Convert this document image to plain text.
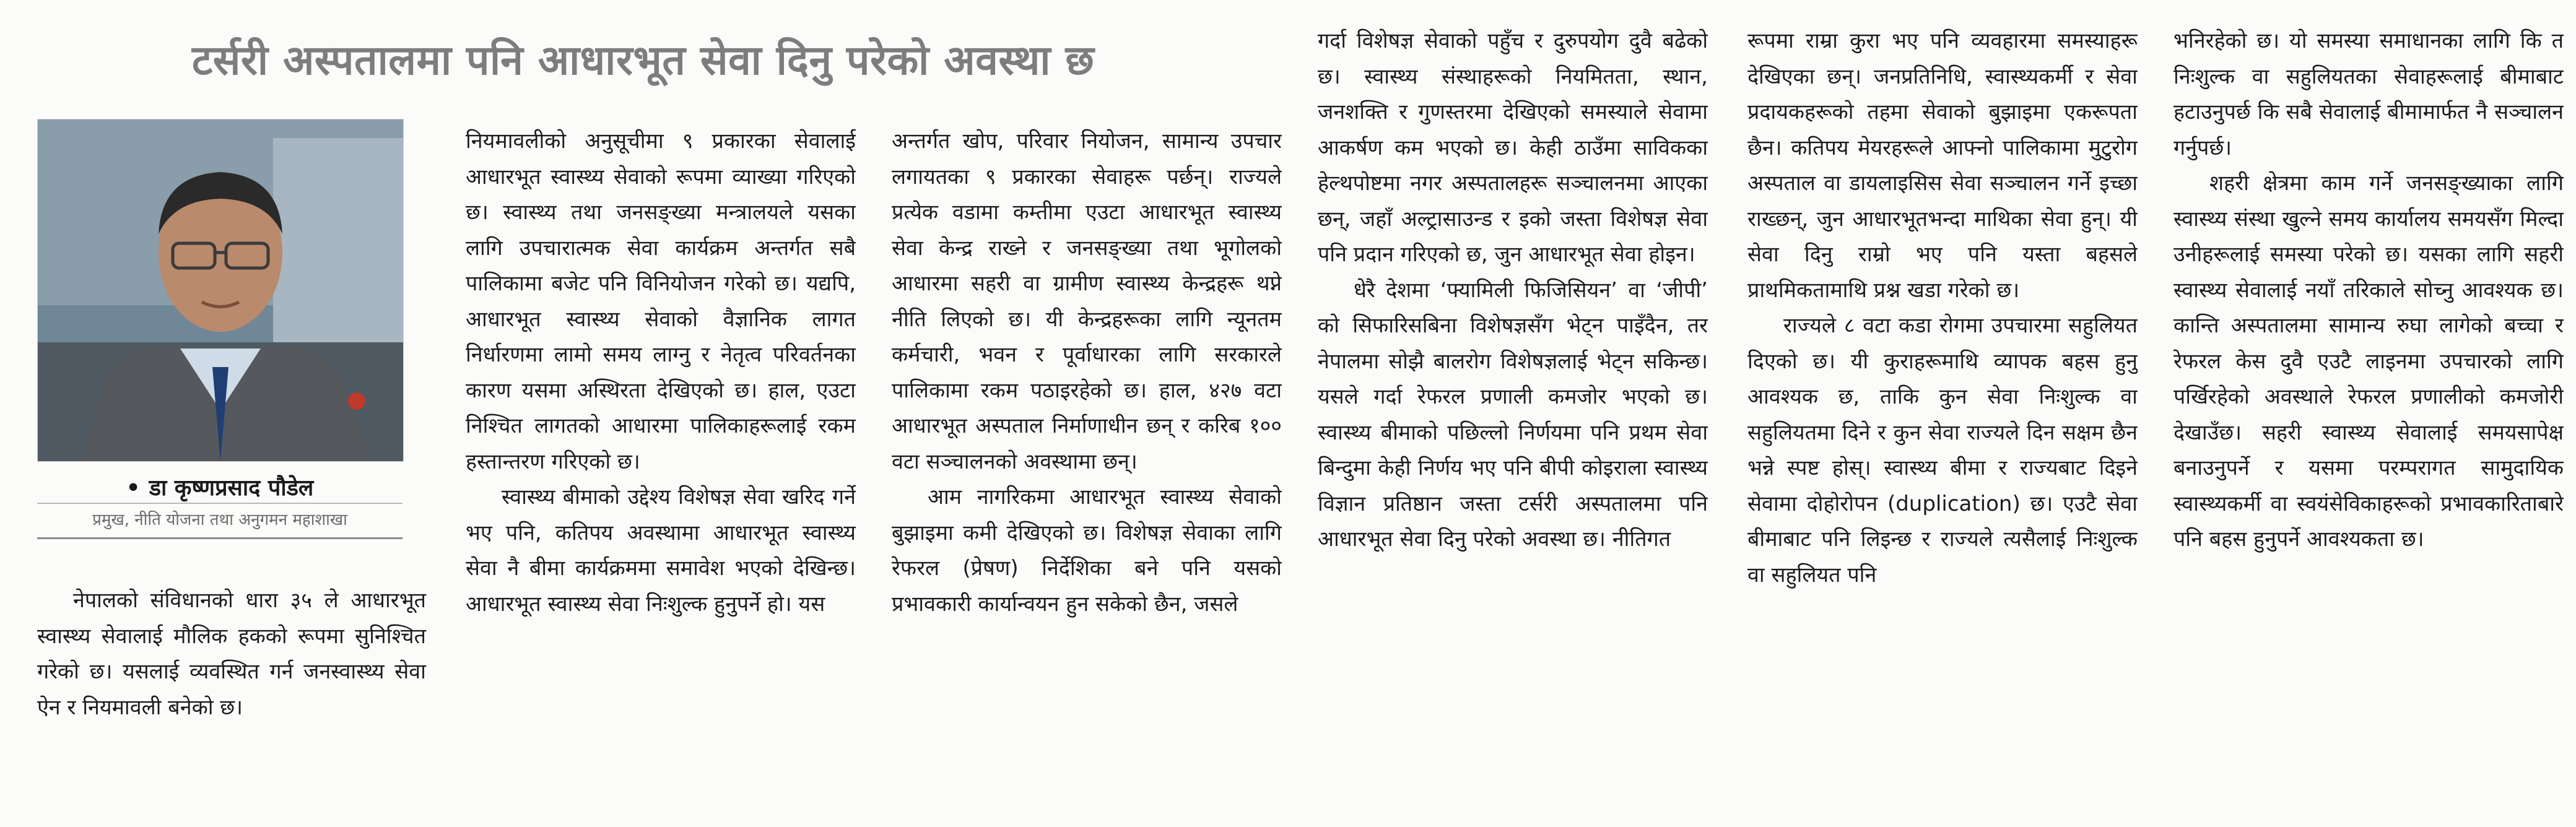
टर्सरी अस्पतालमा पनि आधारभूत सेवा दिनु परेको अवस्था छ
• डा कृष्णप्रसाद पौडेल
प्रमुख, नीति योजना तथा अनुगमन महाशाखा

नेपालको संविधानको धारा ३५ ले आधारभूत स्वास्थ्य सेवालाई मौलिक हकको रूपमा सुनिश्चित गरेको छ। यसलाई व्यवस्थित गर्न जनस्वास्थ्य सेवा ऐन र नियमावली बनेको छ।

नियमावलीको अनुसूचीमा ९ प्रकारका सेवालाई आधारभूत स्वास्थ्य सेवाको रूपमा व्याख्या गरिएको छ। स्वास्थ्य तथा जनसङ्ख्या मन्त्रालयले यसका लागि उपचारात्मक सेवा कार्यक्रम अन्तर्गत सबै पालिकामा बजेट पनि विनियोजन गरेको छ। यद्यपि, आधारभूत स्वास्थ्य सेवाको वैज्ञानिक लागत निर्धारणमा लामो समय लाग्नु र नेतृत्व परिवर्तनका कारण यसमा अस्थिरता देखिएको छ। हाल, एउटा निश्चित लागतको आधारमा पालिकाहरूलाई रकम हस्तान्तरण गरिएको छ।

स्वास्थ्य बीमाको उद्देश्य विशेषज्ञ सेवा खरिद गर्ने भए पनि, कतिपय अवस्थामा आधारभूत स्वास्थ्य सेवा नै बीमा कार्यक्रममा समावेश भएको देखिन्छ। आधारभूत स्वास्थ्य सेवा निःशुल्क हुनुपर्ने हो। यस

अन्तर्गत खोप, परिवार नियोजन, सामान्य उपचार लगायतका ९ प्रकारका सेवाहरू पर्छन्। राज्यले प्रत्येक वडामा कम्तीमा एउटा आधारभूत स्वास्थ्य सेवा केन्द्र राख्ने र जनसङ्ख्या तथा भूगोलको आधारमा सहरी वा ग्रामीण स्वास्थ्य केन्द्रहरू थप्ने नीति लिएको छ। यी केन्द्रहरूका लागि न्यूनतम कर्मचारी, भवन र पूर्वाधारका लागि सरकारले पालिकामा रकम पठाइरहेको छ। हाल, ४२७ वटा आधारभूत अस्पताल निर्माणाधीन छन् र करिब १०० वटा सञ्चालनको अवस्थामा छन्।

आम नागरिकमा आधारभूत स्वास्थ्य सेवाको बुझाइमा कमी देखिएको छ। विशेषज्ञ सेवाका लागि रेफरल (प्रेषण) निर्देशिका बने पनि यसको प्रभावकारी कार्यान्वयन हुन सकेको छैन, जसले

गर्दा विशेषज्ञ सेवाको पहुँच र दुरुपयोग दुवै बढेको छ। स्वास्थ्य संस्थाहरूको नियमितता, स्थान, जनशक्ति र गुणस्तरमा देखिएको समस्याले सेवामा आकर्षण कम भएको छ। केही ठाउँमा साविकका हेल्थपोष्टमा नगर अस्पतालहरू सञ्चालनमा आएका छन्, जहाँ अल्ट्रासाउन्ड र इको जस्ता विशेषज्ञ सेवा पनि प्रदान गरिएको छ, जुन आधारभूत सेवा होइन।

धेरै देशमा ‘फ्यामिली फिजिसियन’ वा ‘जीपी’ को सिफारिसबिना विशेषज्ञसँग भेट्न पाइँदैन, तर नेपालमा सोझै बालरोग विशेषज्ञलाई भेट्न सकिन्छ। यसले गर्दा रेफरल प्रणाली कमजोर भएको छ। स्वास्थ्य बीमाको पछिल्लो निर्णयमा पनि प्रथम सेवा बिन्दुमा केही निर्णय भए पनि बीपी कोइराला स्वास्थ्य विज्ञान प्रतिष्ठान जस्ता टर्सरी अस्पतालमा पनि आधारभूत सेवा दिनु परेको अवस्था छ। नीतिगत

रूपमा राम्रा कुरा भए पनि व्यवहारमा समस्याहरू देखिएका छन्। जनप्रतिनिधि, स्वास्थ्यकर्मी र सेवा प्रदायकहरूको तहमा सेवाको बुझाइमा एकरूपता छैन। कतिपय मेयरहरूले आफ्नो पालिकामा मुटुरोग अस्पताल वा डायलाइसिस सेवा सञ्चालन गर्ने इच्छा राख्छन्, जुन आधारभूतभन्दा माथिका सेवा हुन्। यी सेवा दिनु राम्रो भए पनि यस्ता बहसले प्राथमिकतामाथि प्रश्न खडा गरेको छ।

राज्यले ८ वटा कडा रोगमा उपचारमा सहुलियत दिएको छ। यी कुराहरूमाथि व्यापक बहस हुनु आवश्यक छ, ताकि कुन सेवा निःशुल्क वा सहुलियतमा दिने र कुन सेवा राज्यले दिन सक्षम छैन भन्ने स्पष्ट होस्। स्वास्थ्य बीमा र राज्यबाट दिइने सेवामा दोहोरोपन (duplication) छ। एउटै सेवा बीमाबाट पनि लिइन्छ र राज्यले त्यसैलाई निःशुल्क वा सहुलियत पनि

भनिरहेको छ। यो समस्या समाधानका लागि कि त निःशुल्क वा सहुलियतका सेवाहरूलाई बीमाबाट हटाउनुपर्छ कि सबै सेवालाई बीमामार्फत नै सञ्चालन गर्नुपर्छ।

शहरी क्षेत्रमा काम गर्ने जनसङ्ख्याका लागि स्वास्थ्य संस्था खुल्ने समय कार्यालय समयसँग मिल्दा उनीहरूलाई समस्या परेको छ। यसका लागि सहरी स्वास्थ्य सेवालाई नयाँ तरिकाले सोच्नु आवश्यक छ। कान्ति अस्पतालमा सामान्य रुघा लागेको बच्चा र रेफरल केस दुवै एउटै लाइनमा उपचारको लागि पर्खिरहेको अवस्थाले रेफरल प्रणालीको कमजोरी देखाउँछ। सहरी स्वास्थ्य सेवालाई समयसापेक्ष बनाउनुपर्ने र यसमा परम्परागत सामुदायिक स्वास्थ्यकर्मी वा स्वयंसेविकाहरूको प्रभावकारिताबारे पनि बहस हुनुपर्ने आवश्यकता छ।
